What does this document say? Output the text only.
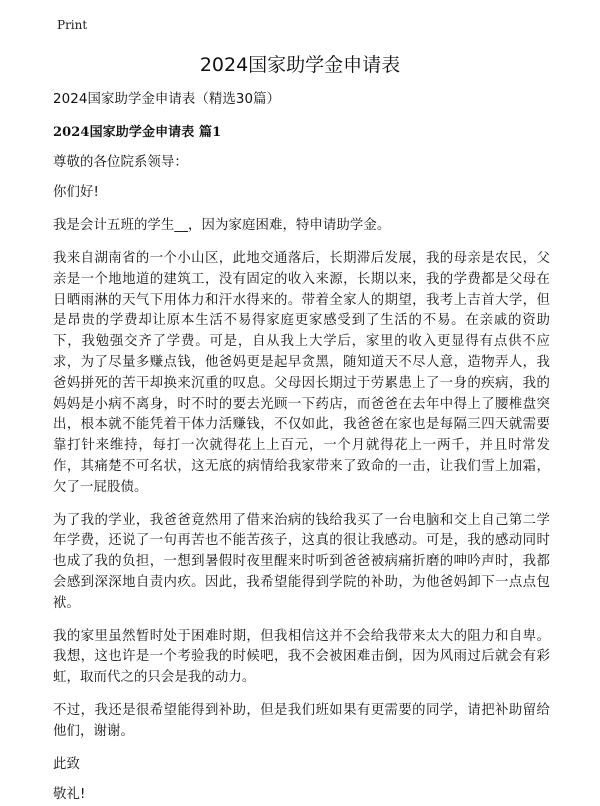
Print
2024国家助学金申请表

2024国家助学金申请表（精选30篇）

2024国家助学金申请表 篇1

尊敬的各位院系领导：

你们好!

我是会计五班的学生__，因为家庭困难，特申请助学金。

我来自湖南省的一个小山区，此地交通落后，长期滞后发展，我的母亲是农民，父亲是一个地地道的建筑工，没有固定的收入来源，长期以来，我的学费都是父母在日晒雨淋的天气下用体力和汗水得来的。带着全家人的期望，我考上吉首大学，但是昂贵的学费却让原本生活不易得家庭更家感受到了生活的不易。在亲戚的资助下，我勉强交齐了学费。可是，自从我上大学后，家里的收入更显得有点供不应求，为了尽量多赚点钱，他爸妈更是起早贪黑，随知道天不尽人意，造物弄人，我爸妈拼死的苦干却换来沉重的叹息。父母因长期过于劳累患上了一身的疾病，我的妈妈是小病不离身，时不时的要去光顾一下药店，而爸爸在去年中得上了腰椎盘突出，根本就不能凭着干体力活赚钱，不仅如此，我爸爸在家也是每隔三四天就需要靠打针来维持，每打一次就得花上上百元，一个月就得花上一两千，并且时常发作，其痛楚不可名状，这无底的病情给我家带来了致命的一击，让我们雪上加霜，欠了一屁股债。

为了我的学业，我爸爸竟然用了借来治病的钱给我买了一台电脑和交上自己第二学年学费，还说了一句再苦也不能苦孩子，这真的很让我感动。可是，我的感动同时也成了我的负担，一想到暑假时夜里醒来时听到爸爸被病痛折磨的呻吟声时，我都会感到深深地自责内疚。因此，我希望能得到学院的补助，为他爸妈卸下一点点包袱。

我的家里虽然暂时处于困难时期，但我相信这并不会给我带来太大的阻力和自卑。我想，这也许是一个考验我的时候吧，我不会被困难击倒，因为风雨过后就会有彩虹，取而代之的只会是我的动力。

不过，我还是很希望能得到补助，但是我们班如果有更需要的同学，请把补助留给他们，谢谢。

此致

敬礼!
